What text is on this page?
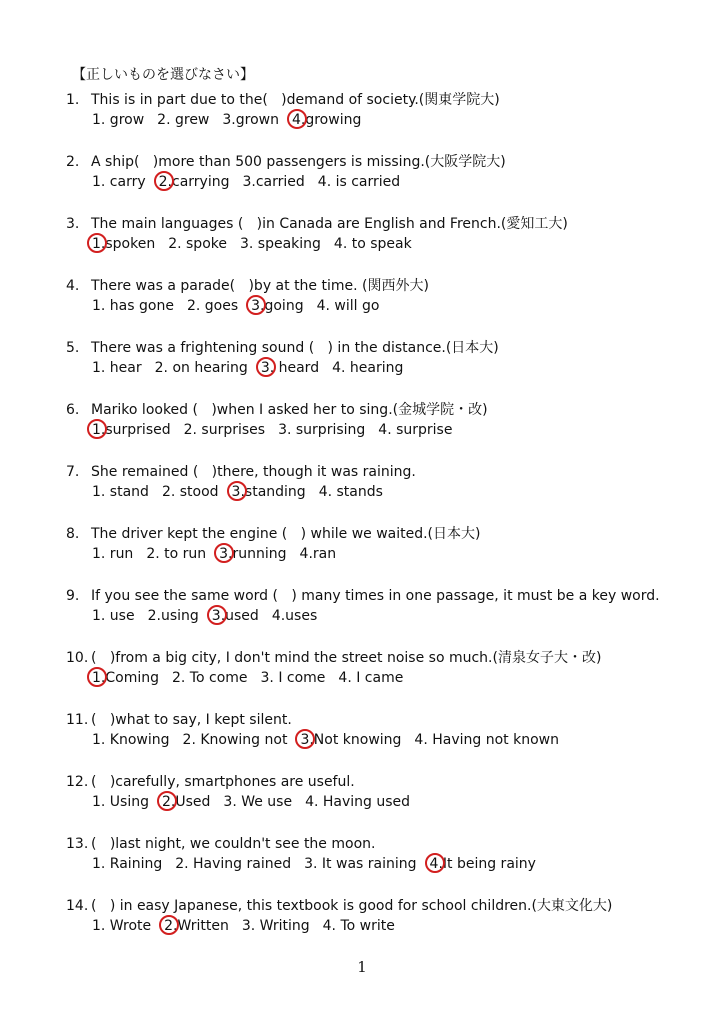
【正しいものを選びなさい】
1. This is in part due to the(   )demand of society.(関東学院大)
1. grow 2. grew 3.grown 4.growing
2. A ship(   )more than 500 passengers is missing.(大阪学院大)
1. carry 2.carrying 3.carried 4. is carried
3. The main languages (   )in Canada are English and French.(愛知工大)
1.spoken 2. spoke 3. speaking 4. to speak
4. There was a parade(   )by at the time. (関西外大)
1. has gone 2. goes 3.going 4. will go
5. There was a frightening sound (   ) in the distance.(日本大)
1. hear 2. on hearing 3. heard 4. hearing
6. Mariko looked (   )when I asked her to sing.(金城学院・改)
1.surprised 2. surprises 3. surprising 4. surprise
7. She remained (   )there, though it was raining.
1. stand 2. stood 3.standing 4. stands
8. The driver kept the engine (   ) while we waited.(日本大)
1. run 2. to run 3.running 4.ran
9. If you see the same word (   ) many times in one passage, it must be a key word.
1. use 2.using 3.used 4.uses
10. (   )from a big city, I don't mind the street noise so much.(清泉女子大・改)
1.Coming 2. To come 3. I come 4. I came
11. (   )what to say, I kept silent.
1. Knowing 2. Knowing not 3.Not knowing 4. Having not known
12. (   )carefully, smartphones are useful.
1. Using 2.Used 3. We use 4. Having used
13. (   )last night, we couldn't see the moon.
1. Raining 2. Having rained 3. It was raining 4.It being rainy
14. (   ) in easy Japanese, this textbook is good for school children.(大東文化大)
1. Wrote 2.Written 3. Writing 4. To write
1
